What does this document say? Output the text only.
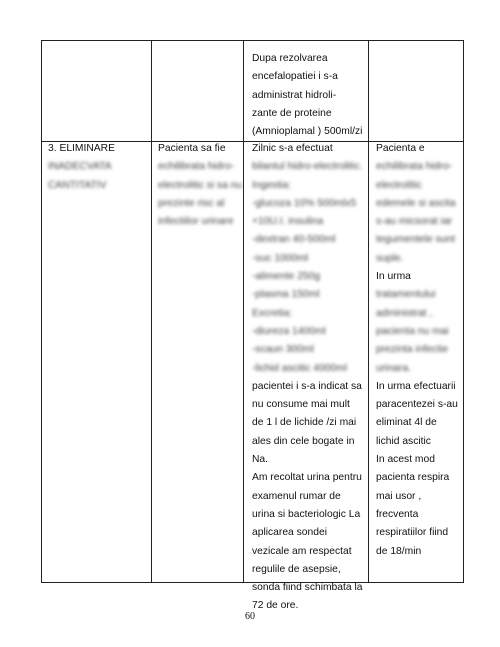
Dupa rezolvarea
encefalopatiei i s-a
administrat hidroli-
zante de proteine
(Amnioplamal ) 500ml/zi
3. ELIMINARE
INADECVATA
CANTITATIV
Pacienta sa fie
echilibrata hidro-
electrolitic si sa nu
prezinte risc al
infectiilor urinare
Zilnic s-a efectuat
bilantul hidro-electrolitic.
Ingestia:
-glucoza 10% 500mlx5
+10U.I. insulina
-dextran 40-500ml
-suc 1000ml
-alimente 250g
-plasma 150ml
Excretia:
-diureza 1400ml
-scaun 300ml
-lichid ascitic 4000ml
pacientei i s-a indicat sa
nu consume mai mult
de 1 l de lichide /zi mai
ales din cele bogate in
Na.
Am recoltat urina pentru
examenul rumar de
urina si bacteriologic La
aplicarea sondei
vezicale am respectat
regulile de asepsie,
sonda fiind schimbata la
72 de ore.
Pacienta e
echilibrata hidro-
electrolitic
edemele si ascita
s-au micsorat iar
tegumentele sunt
suple.
In urma
tratamentului
administrat ,
pacienta nu mai
prezinta infectie
urinara.
In urma efectuarii
paracentezei s-au
eliminat 4l de
lichid ascitic
In acest mod
pacienta respira
mai usor ,
frecventa
respiratiilor fiind
de 18/min
60
